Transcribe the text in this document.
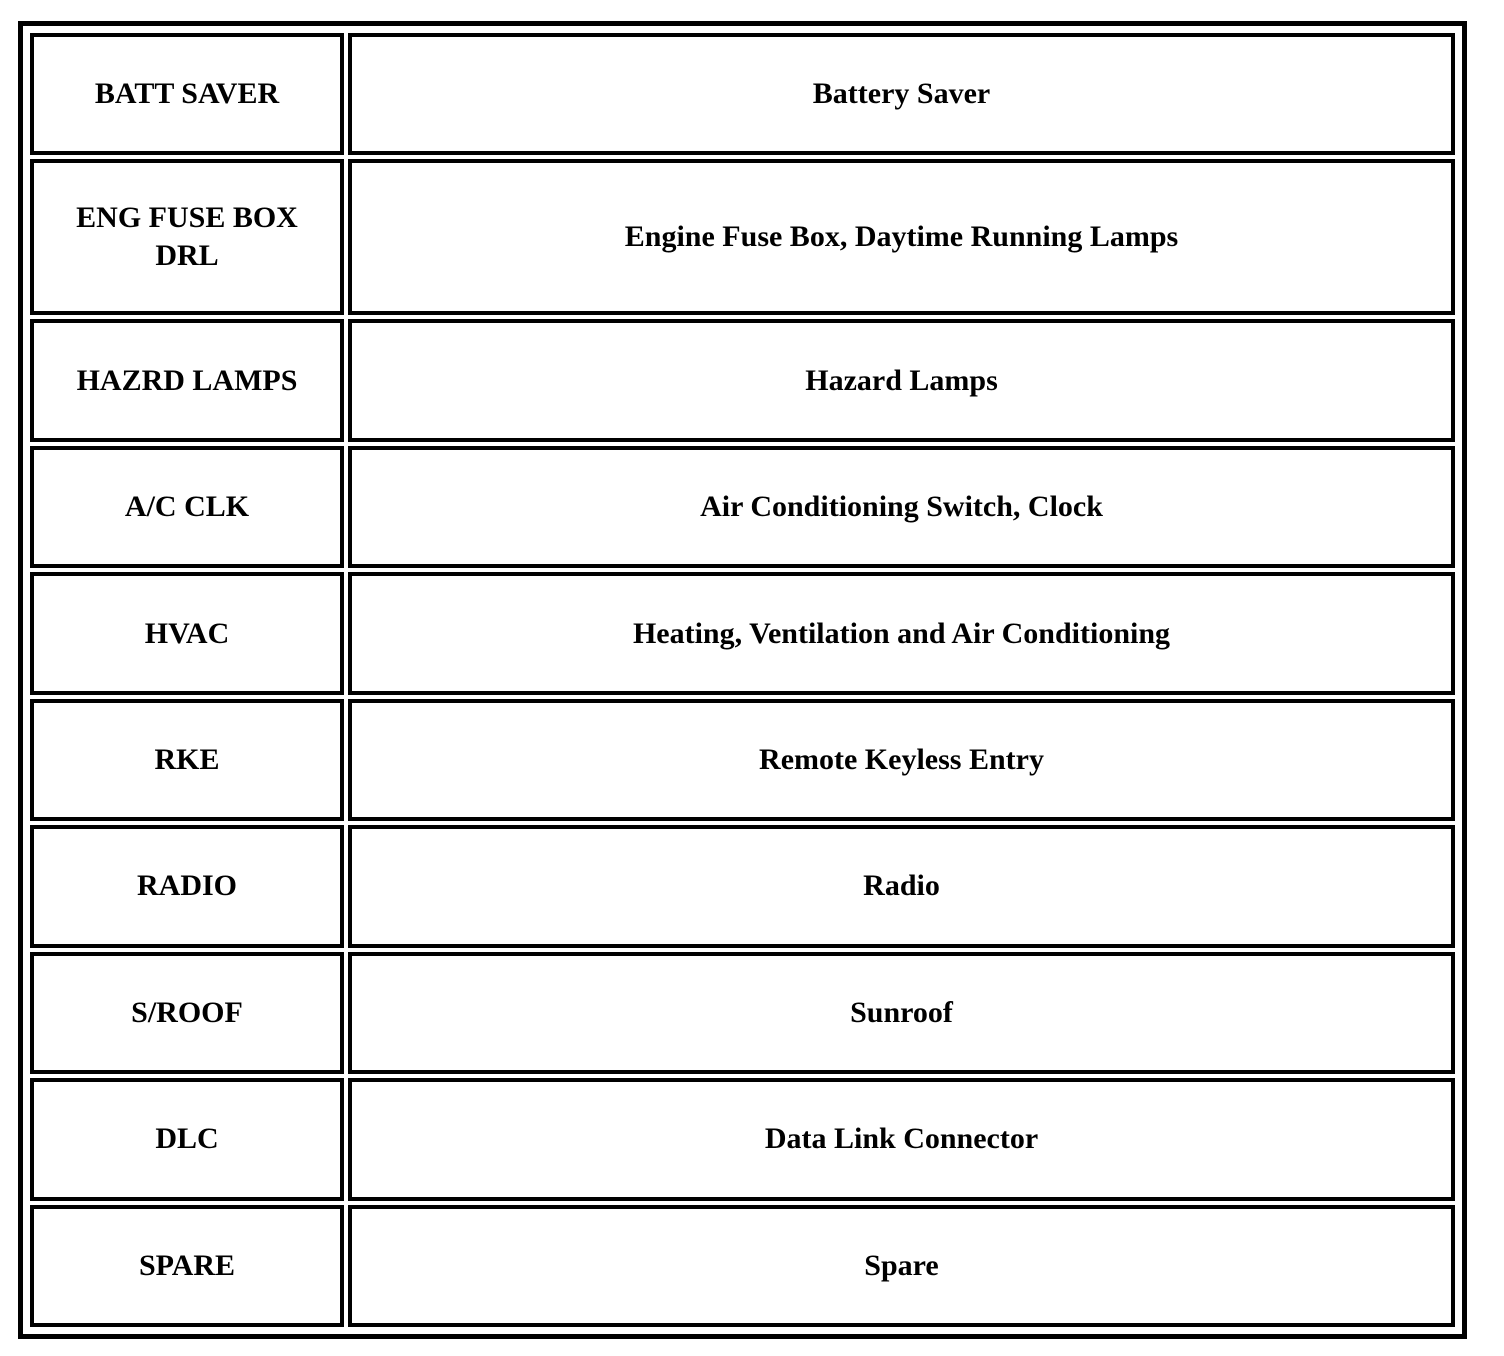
BATT SAVER	Battery Saver
ENG FUSE BOX DRL	Engine Fuse Box, Daytime Running Lamps
HAZRD LAMPS	Hazard Lamps
A/C CLK	Air Conditioning Switch, Clock
HVAC	Heating, Ventilation and Air Conditioning
RKE	Remote Keyless Entry
RADIO	Radio
S/ROOF	Sunroof
DLC	Data Link Connector
SPARE	Spare
